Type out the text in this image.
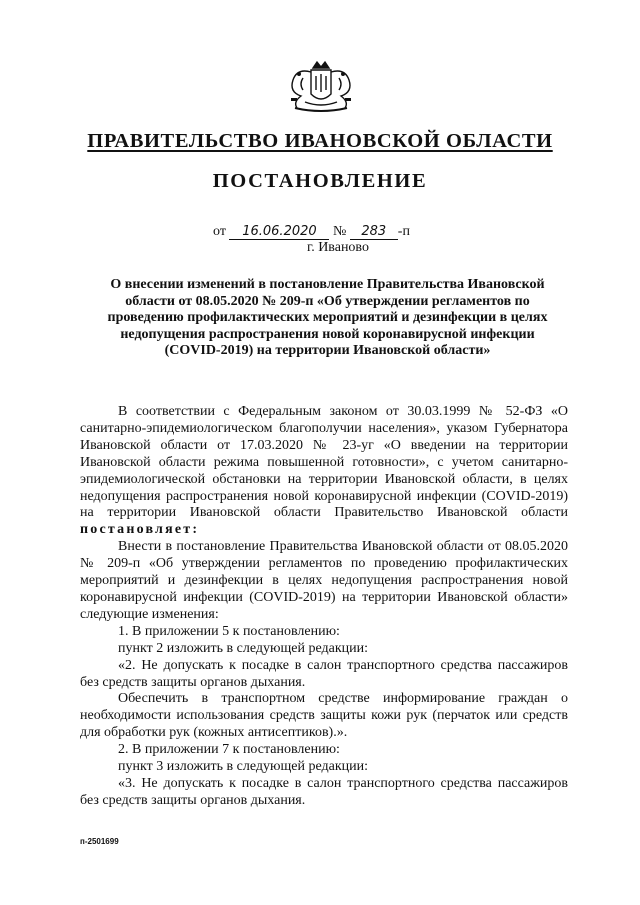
ПРАВИТЕЛЬСТВО ИВАНОВСКОЙ ОБЛАСТИ
ПОСТАНОВЛЕНИЕ
от 16.06.2020 № 283 -п
г. Иваново
О внесении изменений в постановление Правительства Ивановской области от 08.05.2020 № 209-п «Об утверждении регламентов по проведению профилактических мероприятий и дезинфекции в целях недопущения распространения новой коронавирусной инфекции (COVID-2019) на территории Ивановской области»

В соответствии с Федеральным законом от 30.03.1999 № 52-ФЗ «О санитарно-эпидемиологическом благополучии населения», указом Губернатора Ивановской области от 17.03.2020 № 23-уг «О введении на территории Ивановской области режима повышенной готовности», с учетом санитарно-эпидемиологической обстановки на территории Ивановской области, в целях недопущения распространения новой коронавирусной инфекции (COVID-2019) на территории Ивановской области Правительство Ивановской области постановляет:

Внести в постановление Правительства Ивановской области от 08.05.2020 № 209-п «Об утверждении регламентов по проведению профилактических мероприятий и дезинфекции в целях недопущения распространения новой коронавирусной инфекции (COVID-2019) на территории Ивановской области» следующие изменения:

1. В приложении 5 к постановлению:

пункт 2 изложить в следующей редакции:

«2. Не допускать к посадке в салон транспортного средства пассажиров без средств защиты органов дыхания.

Обеспечить в транспортном средстве информирование граждан о необходимости использования средств защиты кожи рук (перчаток или средств для обработки рук (кожных антисептиков).».

2. В приложении 7 к постановлению:

пункт 3 изложить в следующей редакции:

«3. Не допускать к посадке в салон транспортного средства пассажиров без средств защиты органов дыхания.

п-2501699
